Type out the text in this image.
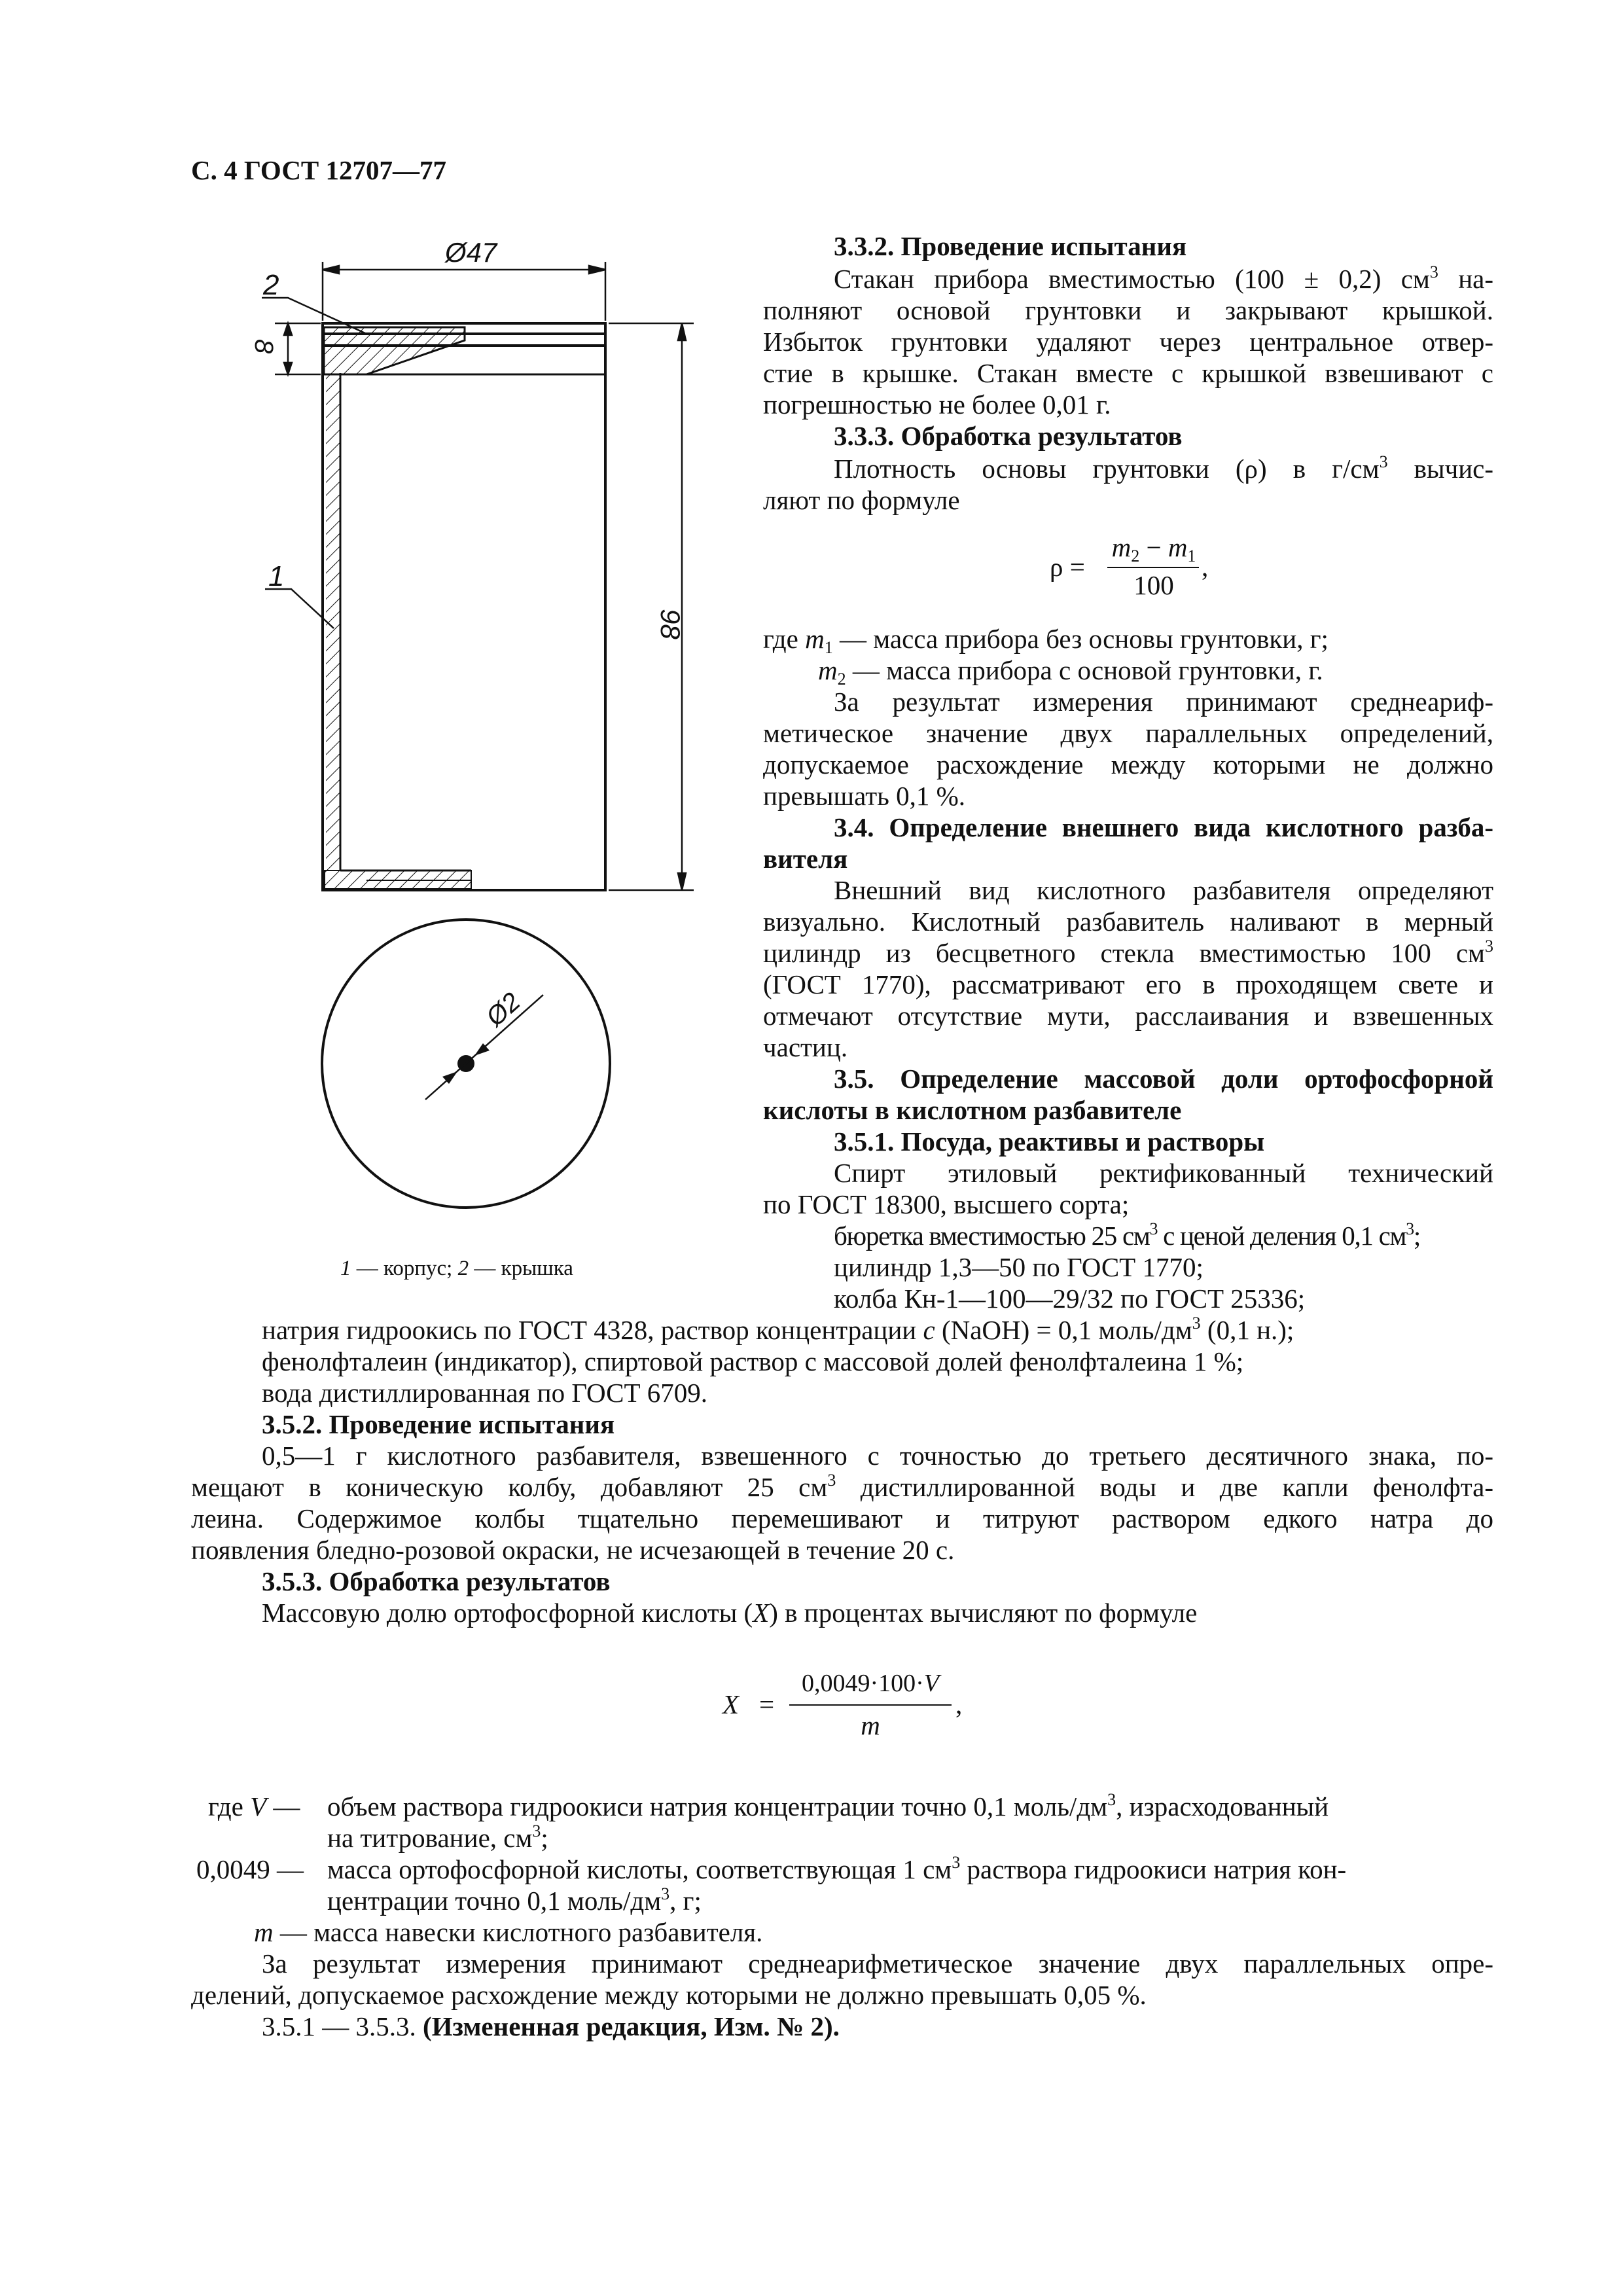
С. 4 ГОСТ 12707—77
Ø47
98
8
2
1
Ø2
1 — корпус; 2 — крышка
3.3.2. Проведение испытания
Стакан прибора вместимостью (100 ± 0,2) $см^3$ на-
полняют основой грунтовки и закрывают крышкой.
Избыток грунтовки удаляют через центральное отвер-
стие в крышке. Стакан вместе с крышкой взвешивают с
погрешностью не более 0,01 г.
3.3.3. Обработка результатов
Плотность основы грунтовки (ρ) в $г/см^3$ вычис-
ляют по формуле
ρ =
$m_2 - m_1$
100
,
где $m_1$ — масса прибора без основы грунтовки, г;
$m_2$ — масса прибора с основой грунтовки, г.
За результат измерения принимают среднеариф-
метическое значение двух параллельных определений,
допускаемое расхождение между которыми не должно
превышать 0,1 %.
3.4. Определение внешнего вида кислотного разба-
вителя
Внешний вид кислотного разбавителя определяют
визуально. Кислотный разбавитель наливают в мерный
цилиндр из бесцветного стекла вместимостью 100 $см^3$
(ГОСТ 1770), рассматривают его в проходящем свете и
отмечают отсутствие мути, расслаивания и взвешенных
частиц.
3.5. Определение массовой доли ортофосфорной
кислоты в кислотном разбавителе
3.5.1. Посуда, реактивы и растворы
Спирт этиловый ректификованный технический
по ГОСТ 18300, высшего сорта;
бюретка вместимостью 25 $см^3$ с ценой деления 0,1 $см^3$;
цилиндр 1,3—50 по ГОСТ 1770;
колба Кн-1—100—29/32 по ГОСТ 25336;
натрия гидроокись по ГОСТ 4328, раствор концентрации c (NaOH) = 0,1 моль/$дм^3$ (0,1 н.);
фенолфталеин (индикатор), спиртовой раствор с массовой долей фенолфталеина 1 %;
вода дистиллированная по ГОСТ 6709.
3.5.2. Проведение испытания
0,5—1 г кислотного разбавителя, взвешенного с точностью до третьего десятичного знака, по-
мещают в коническую колбу, добавляют 25 $см^3$ дистиллированной воды и две капли фенолфта-
леина. Содержимое колбы тщательно перемешивают и титруют раствором едкого натра до
появления бледно-розовой окраски, не исчезающей в течение 20 с.
3.5.3. Обработка результатов
Массовую долю ортофосфорной кислоты (X) в процентах вычисляют по формуле
X =
0,0049·100·V
m
,
где V — объем раствора гидроокиси натрия концентрации точно 0,1 моль/$дм^3$, израсходованный
на титрование, $см^3$;
0,0049 — масса ортофосфорной кислоты, соответствующая 1 $см^3$ раствора гидроокиси натрия кон-
центрации точно 0,1 моль/$дм^3$, г;
m — масса навески кислотного разбавителя.
За результат измерения принимают среднеарифметическое значение двух параллельных опре-
делений, допускаемое расхождение между которыми не должно превышать 0,05 %.
3.5.1 — 3.5.3. (Измененная редакция, Изм. № 2).
